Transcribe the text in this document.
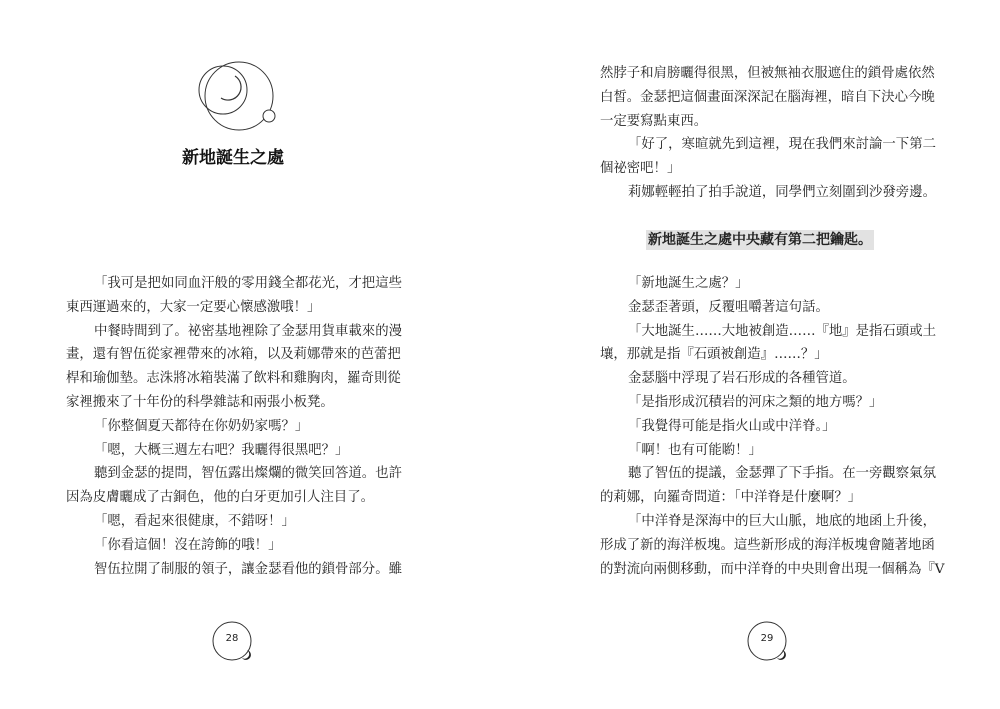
新地誕生之處
「我可是把如同血汗般的零用錢全都花光，才把這些
東西運過來的，大家一定要心懷感激哦！」
中餐時間到了。祕密基地裡除了金瑟用貨車載來的漫
畫，還有智伍從家裡帶來的冰箱，以及莉娜帶來的芭蕾把
桿和瑜伽墊。志洙將冰箱裝滿了飲料和雞胸肉，羅奇則從
家裡搬來了十年份的科學雜誌和兩張小板凳。
「你整個夏天都待在你奶奶家嗎？」
「嗯，大概三週左右吧？我曬得很黑吧？」
聽到金瑟的提問，智伍露出燦爛的微笑回答道。也許
因為皮膚曬成了古銅色，他的白牙更加引人注目了。
「嗯，看起來很健康，不錯呀！」
「你看這個！沒在誇飾的哦！」
智伍拉開了制服的領子，讓金瑟看他的鎖骨部分。雖
28
然脖子和肩膀曬得很黑，但被無袖衣服遮住的鎖骨處依然
白皙。金瑟把這個畫面深深記在腦海裡，暗自下決心今晚
一定要寫點東西。
「好了，寒暄就先到這裡，現在我們來討論一下第二
個祕密吧！」
莉娜輕輕拍了拍手說道，同學們立刻圍到沙發旁邊。
新地誕生之處中央藏有第二把鑰匙。
「新地誕生之處？」
金瑟歪著頭，反覆咀嚼著這句話。
「大地誕生……大地被創造……『地』是指石頭或土
壤，那就是指『石頭被創造』……？」
金瑟腦中浮現了岩石形成的各種管道。
「是指形成沉積岩的河床之類的地方嗎？」
「我覺得可能是指火山或中洋脊。」
「啊！也有可能喲！」
聽了智伍的提議，金瑟彈了下手指。在一旁觀察氣氛
的莉娜，向羅奇問道：「中洋脊是什麼啊？」
「中洋脊是深海中的巨大山脈，地底的地函上升後，
形成了新的海洋板塊。這些新形成的海洋板塊會隨著地函
的對流向兩側移動，而中洋脊的中央則會出現一個稱為『V
29
